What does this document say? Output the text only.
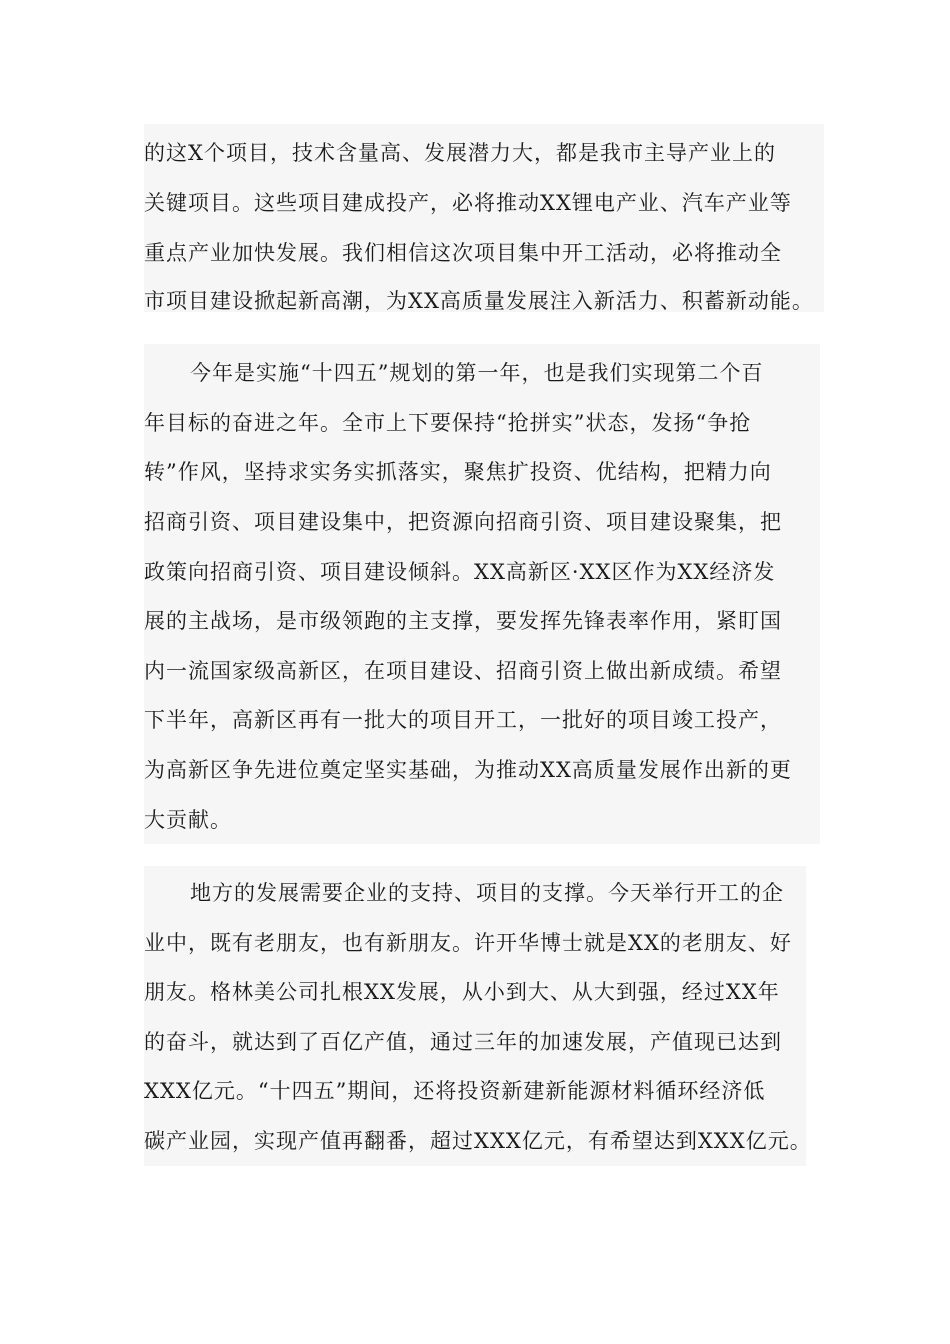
的这X个项目，技术含量高、发展潜力大，都是我市主导产业上的
关键项目。这些项目建成投产，必将推动XX锂电产业、汽车产业等
重点产业加快发展。我们相信这次项目集中开工活动，必将推动全
市项目建设掀起新高潮，为XX高质量发展注入新活力、积蓄新动能。
今年是实施“十四五”规划的第一年，也是我们实现第二个百
年目标的奋进之年。全市上下要保持“抢拼实”状态，发扬“争抢
转”作风，坚持求实务实抓落实，聚焦扩投资、优结构，把精力向
招商引资、项目建设集中，把资源向招商引资、项目建设聚集，把
政策向招商引资、项目建设倾斜。XX高新区·XX区作为XX经济发
展的主战场，是市级领跑的主支撑，要发挥先锋表率作用，紧盯国
内一流国家级高新区，在项目建设、招商引资上做出新成绩。希望
下半年，高新区再有一批大的项目开工，一批好的项目竣工投产，
为高新区争先进位奠定坚实基础，为推动XX高质量发展作出新的更
大贡献。
地方的发展需要企业的支持、项目的支撑。今天举行开工的企
业中，既有老朋友，也有新朋友。许开华博士就是XX的老朋友、好
朋友。格林美公司扎根XX发展，从小到大、从大到强，经过XX年
的奋斗，就达到了百亿产值，通过三年的加速发展，产值现已达到
XXX亿元。“十四五”期间，还将投资新建新能源材料循环经济低
碳产业园，实现产值再翻番，超过XXX亿元，有希望达到XXX亿元。
